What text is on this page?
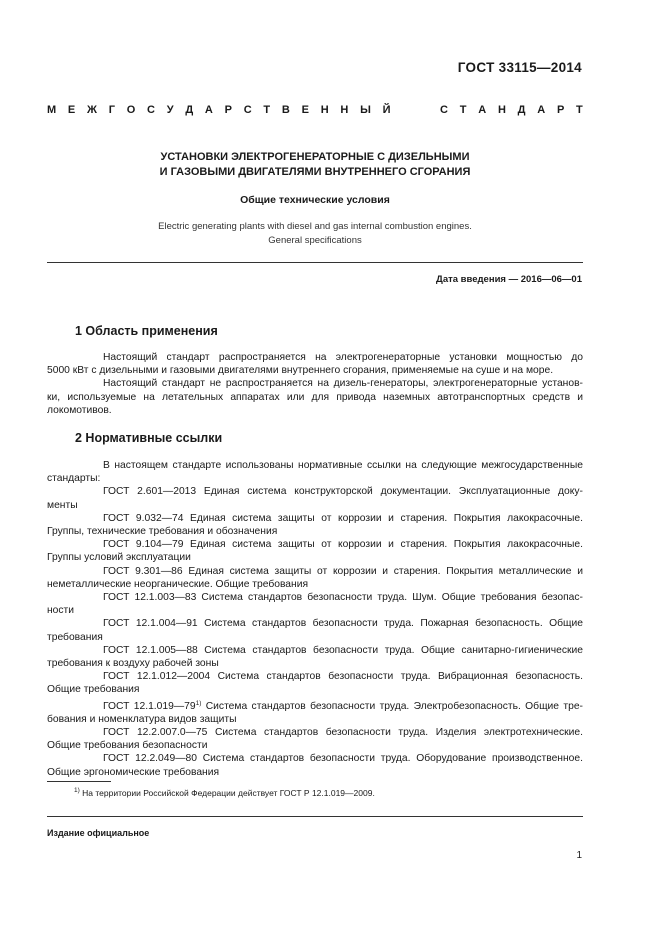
ГОСТ 33115—2014
М Е Ж Г О С У Д А Р С Т В Е Н Н Ы Й	С Т А Н Д А Р Т
УСТАНОВКИ ЭЛЕКТРОГЕНЕРАТОРНЫЕ С ДИЗЕЛЬНЫМИ
И ГАЗОВЫМИ ДВИГАТЕЛЯМИ ВНУТРЕННЕГО СГОРАНИЯ
Общие технические условия
Electric generating plants with diesel and gas internal combustion engines.
General specifications
Дата введения — 2016—06—01
1 Область применения
Настоящий стандарт распространяется на электрогенераторные установки мощностью до
5000 кВт с дизельными и газовыми двигателями внутреннего сгорания, применяемые на суше и на море.
Настоящий стандарт не распространяется на дизель-генераторы, электрогенераторные установ-
ки, используемые на летательных аппаратах или для привода наземных автотранспортных средств и
локомотивов.
2 Нормативные ссылки
В настоящем стандарте использованы нормативные ссылки на следующие межгосударственные
стандарты:
ГОСТ 2.601—2013 Единая система конструкторской документации. Эксплуатационные доку-
менты
ГОСТ 9.032—74 Единая система защиты от коррозии и старения. Покрытия лакокрасочные.
Группы, технические требования и обозначения
ГОСТ 9.104—79 Единая система защиты от коррозии и старения. Покрытия лакокрасочные.
Группы условий эксплуатации
ГОСТ 9.301—86 Единая система защиты от коррозии и старения. Покрытия металлические и
неметаллические неорганические. Общие требования
ГОСТ 12.1.003—83 Система стандартов безопасности труда. Шум. Общие требования безопас-
ности
ГОСТ 12.1.004—91 Система стандартов безопасности труда. Пожарная безопасность. Общие
требования
ГОСТ 12.1.005—88 Система стандартов безопасности труда. Общие санитарно-гигиенические
требования к воздуху рабочей зоны
ГОСТ 12.1.012—2004 Система стандартов безопасности труда. Вибрационная безопасность.
Общие требования
ГОСТ 12.1.019—79$^{1)}$ Система стандартов безопасности труда. Электробезопасность. Общие тре-
бования и номенклатура видов защиты
ГОСТ 12.2.007.0—75 Система стандартов безопасности труда. Изделия электротехнические.
Общие требования безопасности
ГОСТ 12.2.049—80 Система стандартов безопасности труда. Оборудование производственное.
Общие эргономические требования
$^{1)}$ На территории Российской Федерации действует ГОСТ Р 12.1.019—2009.
Издание официальное
1
